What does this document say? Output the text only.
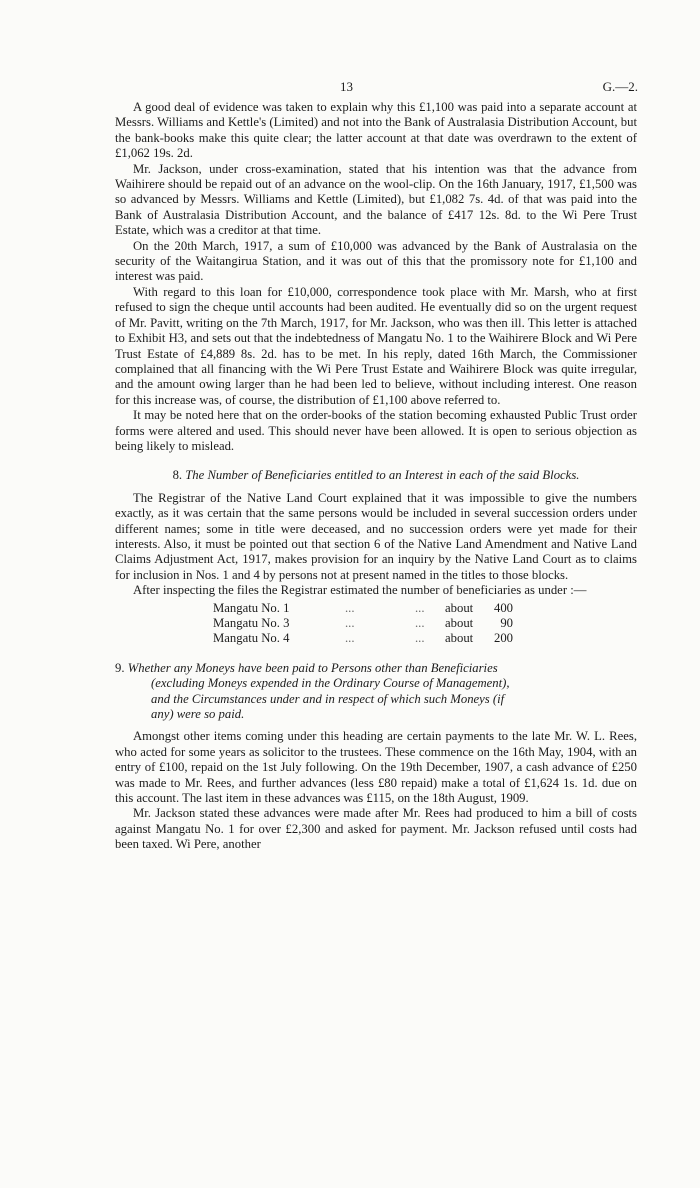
13	G.—2.

A good deal of evidence was taken to explain why this £1,100 was paid into a separate account at Messrs. Williams and Kettle's (Limited) and not into the Bank of Australasia Distribution Account, but the bank-books make this quite clear; the latter account at that date was overdrawn to the extent of £1,062 19s. 2d.

Mr. Jackson, under cross-examination, stated that his intention was that the advance from Waihirere should be repaid out of an advance on the wool-clip. On the 16th January, 1917, £1,500 was so advanced by Messrs. Williams and Kettle (Limited), but £1,082 7s. 4d. of that was paid into the Bank of Australasia Distribution Account, and the balance of £417 12s. 8d. to the Wi Pere Trust Estate, which was a creditor at that time.

On the 20th March, 1917, a sum of £10,000 was advanced by the Bank of Australasia on the security of the Waitangirua Station, and it was out of this that the promissory note for £1,100 and interest was paid.

With regard to this loan for £10,000, correspondence took place with Mr. Marsh, who at first refused to sign the cheque until accounts had been audited. He eventually did so on the urgent request of Mr. Pavitt, writing on the 7th March, 1917, for Mr. Jackson, who was then ill. This letter is attached to Exhibit H3, and sets out that the indebtedness of Mangatu No. 1 to the Waihirere Block and Wi Pere Trust Estate of £4,889 8s. 2d. has to be met. In his reply, dated 16th March, the Commissioner complained that all financing with the Wi Pere Trust Estate and Waihirere Block was quite irregular, and the amount owing larger than he had been led to believe, without including interest. One reason for this increase was, of course, the distribution of £1,100 above referred to.

It may be noted here that on the order-books of the station becoming exhausted Public Trust order forms were altered and used. This should never have been allowed. It is open to serious objection as being likely to mislead.

8. The Number of Beneficiaries entitled to an Interest in each of the said Blocks.

The Registrar of the Native Land Court explained that it was impossible to give the numbers exactly, as it was certain that the same persons would be included in several succession orders under different names; some in title were deceased, and no succession orders were yet made for their interests. Also, it must be pointed out that section 6 of the Native Land Amendment and Native Land Claims Adjustment Act, 1917, makes provision for an inquiry by the Native Land Court as to claims for inclusion in Nos. 1 and 4 by persons not at present named in the titles to those blocks.

After inspecting the files the Registrar estimated the number of beneficiaries as under :—

Mangatu No. 1	...	...	about	400
Mangatu No. 3	...	...	about	90
Mangatu No. 4	...	...	about	200

9. Whether any Moneys have been paid to Persons other than Beneficiaries
(excluding Moneys expended in the Ordinary Course of Management),
and the Circumstances under and in respect of which such Moneys (if
any) were so paid.

Amongst other items coming under this heading are certain payments to the late Mr. W. L. Rees, who acted for some years as solicitor to the trustees. These commence on the 16th May, 1904, with an entry of £100, repaid on the 1st July following. On the 19th December, 1907, a cash advance of £250 was made to Mr. Rees, and further advances (less £80 repaid) make a total of £1,624 1s. 1d. due on this account. The last item in these advances was £115, on the 18th August, 1909.

Mr. Jackson stated these advances were made after Mr. Rees had produced to him a bill of costs against Mangatu No. 1 for over £2,300 and asked for payment. Mr. Jackson refused until costs had been taxed. Wi Pere, another
